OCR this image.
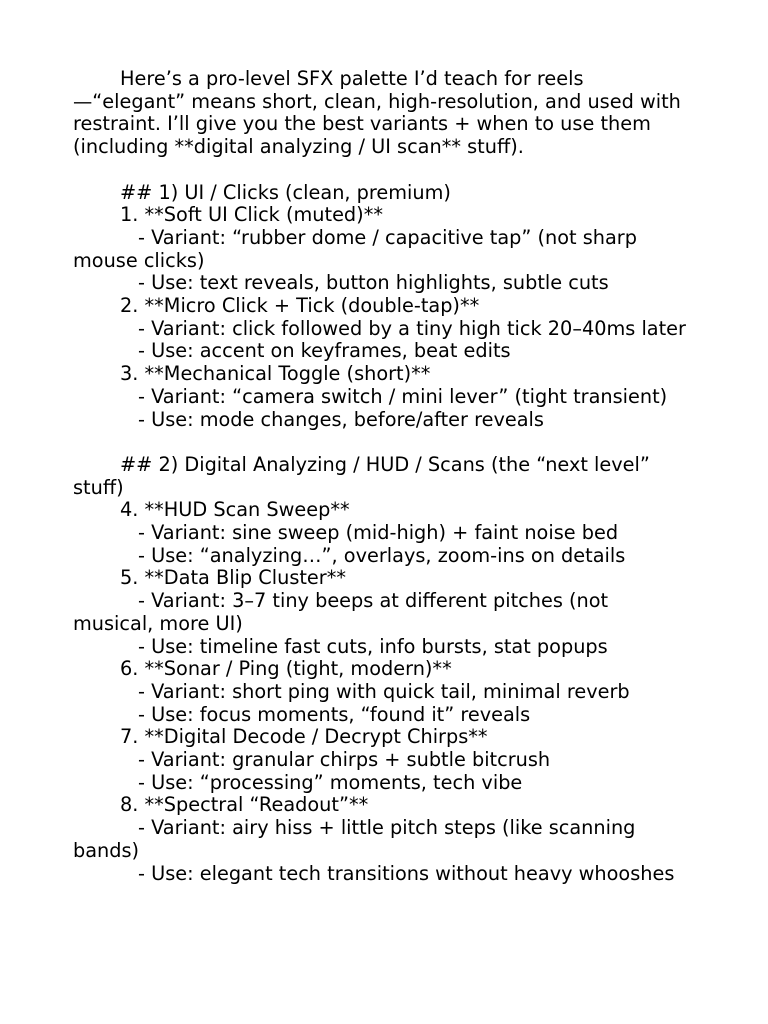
Here’s a pro-level SFX palette I’d teach for reels —“elegant” means short, clean, high-resolution, and used with restraint. I’ll give you the best variants + when to use them (including **digital analyzing / UI scan** stuff).

## 1) UI / Clicks (clean, premium)

1. **Soft UI Click (muted)**

- Variant: “rubber dome / capacitive tap” (not sharp mouse clicks)

- Use: text reveals, button highlights, subtle cuts

2. **Micro Click + Tick (double-tap)**

- Variant: click followed by a tiny high tick 20–40ms later

- Use: accent on keyframes, beat edits

3. **Mechanical Toggle (short)**

- Variant: “camera switch / mini lever” (tight transient)

- Use: mode changes, before/after reveals

## 2) Digital Analyzing / HUD / Scans (the “next level” stuff)

4. **HUD Scan Sweep**

- Variant: sine sweep (mid-high) + faint noise bed

- Use: “analyzing…”, overlays, zoom-ins on details

5. **Data Blip Cluster**

- Variant: 3–7 tiny beeps at different pitches (not musical, more UI)

- Use: timeline fast cuts, info bursts, stat popups

6. **Sonar / Ping (tight, modern)**

- Variant: short ping with quick tail, minimal reverb

- Use: focus moments, “found it” reveals

7. **Digital Decode / Decrypt Chirps**

- Variant: granular chirps + subtle bitcrush

- Use: “processing” moments, tech vibe

8. **Spectral “Readout”**

- Variant: airy hiss + little pitch steps (like scanning bands)

- Use: elegant tech transitions without heavy whooshes
